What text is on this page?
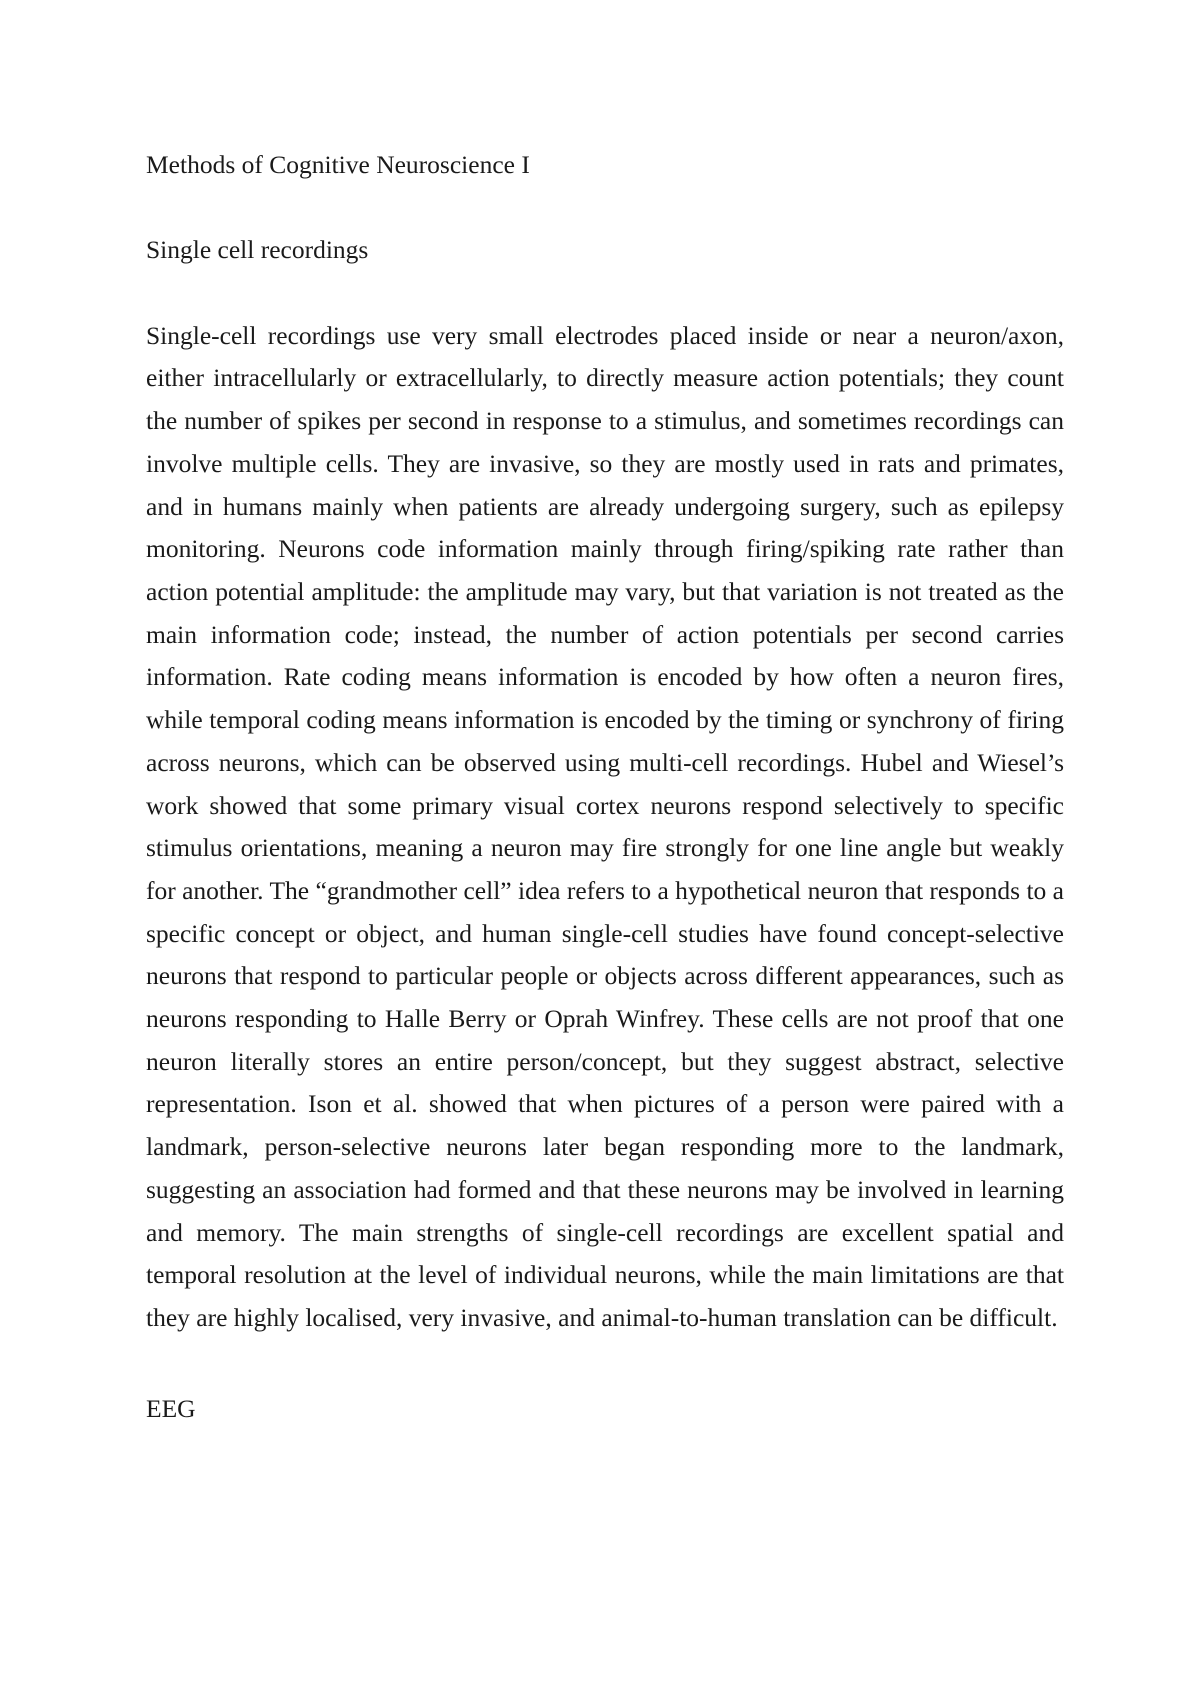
Methods of Cognitive Neuroscience I
Single cell recordings

Single-cell recordings use very small electrodes placed inside or near a neuron/axon, either intracellularly or extracellularly, to directly measure action potentials; they count the number of spikes per second in response to a stimulus, and sometimes recordings can involve multiple cells. They are invasive, so they are mostly used in rats and primates, and in humans mainly when patients are already undergoing surgery, such as epilepsy monitoring. Neurons code information mainly through firing/spiking rate rather than action potential amplitude: the amplitude may vary, but that variation is not treated as the main information code; instead, the number of action potentials per second carries information. Rate coding means information is encoded by how often a neuron fires, while temporal coding means information is encoded by the timing or synchrony of firing across neurons, which can be observed using multi-cell recordings. Hubel and Wiesel’s work showed that some primary visual cortex neurons respond selectively to specific stimulus orientations, meaning a neuron may fire strongly for one line angle but weakly for another. The “grandmother cell” idea refers to a hypothetical neuron that responds to a specific concept or object, and human single-cell studies have found concept-selective neurons that respond to particular people or objects across different appearances, such as neurons responding to Halle Berry or Oprah Winfrey. These cells are not proof that one neuron literally stores an entire person/concept, but they suggest abstract, selective representation. Ison et al. showed that when pictures of a person were paired with a landmark, person-selective neurons later began responding more to the landmark, suggesting an association had formed and that these neurons may be involved in learning and memory. The main strengths of single-cell recordings are excellent spatial and temporal resolution at the level of individual neurons, while the main limitations are that they are highly localised, very invasive, and animal-to-human translation can be difficult.

EEG
